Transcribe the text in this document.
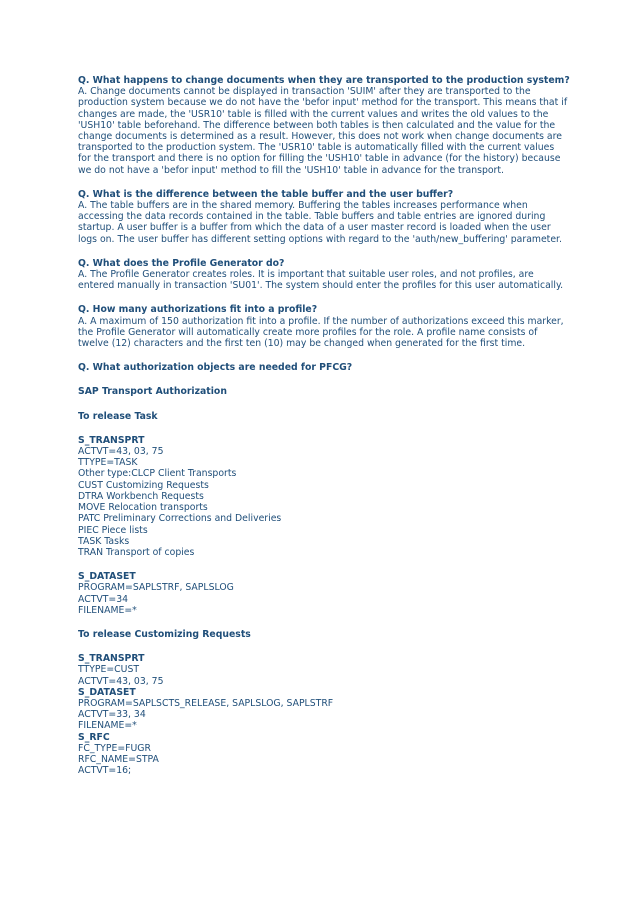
Q. What happens to change documents when they are transported to the production system?
A. Change documents cannot be displayed in transaction 'SUIM' after they are transported to the
production system because we do not have the 'befor input' method for the transport. This means that if
changes are made, the 'USR10' table is filled with the current values and writes the old values to the
'USH10' table beforehand. The difference between both tables is then calculated and the value for the
change documents is determined as a result. However, this does not work when change documents are
transported to the production system. The 'USR10' table is automatically filled with the current values
for the transport and there is no option for filling the 'USH10' table in advance (for the history) because
we do not have a 'befor input' method to fill the 'USH10' table in advance for the transport.
Q. What is the difference between the table buffer and the user buffer?
A. The table buffers are in the shared memory. Buffering the tables increases performance when
accessing the data records contained in the table. Table buffers and table entries are ignored during
startup. A user buffer is a buffer from which the data of a user master record is loaded when the user
logs on. The user buffer has different setting options with regard to the 'auth/new_buffering' parameter.
Q. What does the Profile Generator do?
A. The Profile Generator creates roles. It is important that suitable user roles, and not profiles, are
entered manually in transaction 'SU01'. The system should enter the profiles for this user automatically.
Q. How many authorizations fit into a profile?
A. A maximum of 150 authorization fit into a profile. If the number of authorizations exceed this marker,
the Profile Generator will automatically create more profiles for the role. A profile name consists of
twelve (12) characters and the first ten (10) may be changed when generated for the first time.
Q. What authorization objects are needed for PFCG?
SAP Transport Authorization
To release Task
S_TRANSPRT
ACTVT=43, 03, 75
TTYPE=TASK
Other type:CLCP Client Transports
CUST Customizing Requests
DTRA Workbench Requests
MOVE Relocation transports
PATC Preliminary Corrections and Deliveries
PIEC Piece lists
TASK Tasks
TRAN Transport of copies
S_DATASET
PROGRAM=SAPLSTRF, SAPLSLOG
ACTVT=34
FILENAME=*
To release Customizing Requests
S_TRANSPRT
TTYPE=CUST
ACTVT=43, 03, 75
S_DATASET
PROGRAM=SAPLSCTS_RELEASE, SAPLSLOG, SAPLSTRF
ACTVT=33, 34
FILENAME=*
S_RFC
FC_TYPE=FUGR
RFC_NAME=STPA
ACTVT=16;
